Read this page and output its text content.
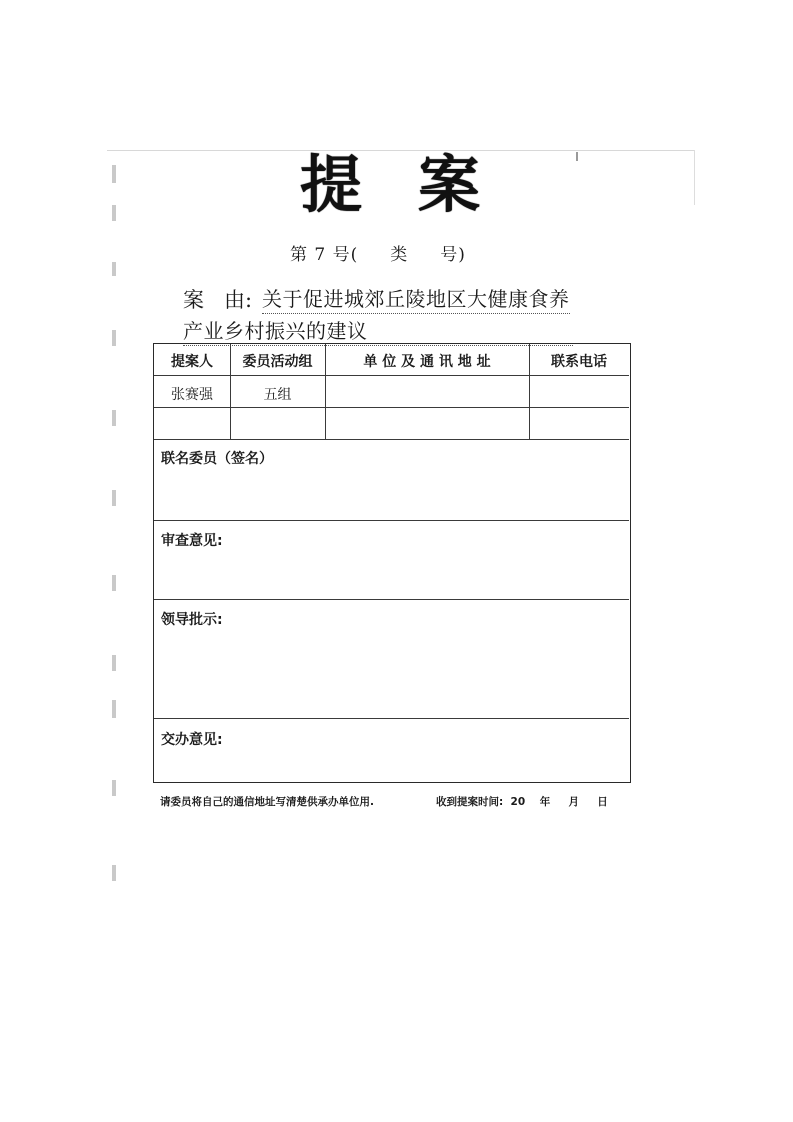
提 案
第 7 号(     类     号)
案   由: 关于促进城郊丘陵地区大健康食养
产业乡村振兴的建议
提案人	委员活动组	单 位 及 通 讯 地 址	联系电话
张赛强	五组
联名委员（签名）
审查意见:
领导批示:
交办意见:
请委员将自己的通信地址写清楚供承办单位用.	收到提案时间:  20    年     月     日
